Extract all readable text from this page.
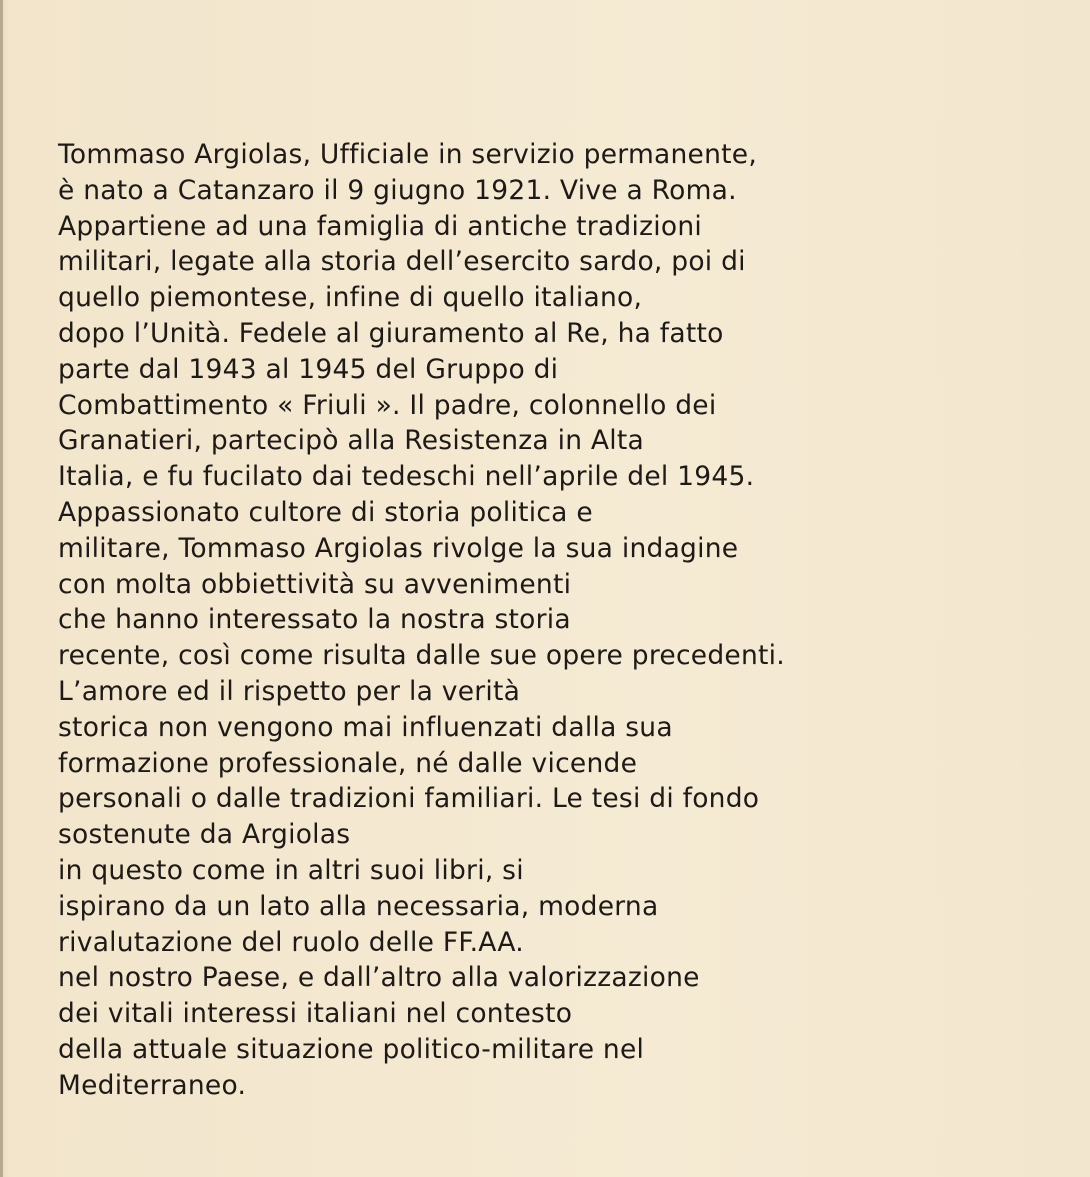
Tommaso Argiolas, Ufficiale in servizio permanente,
è nato a Catanzaro il 9 giugno 1921. Vive a Roma.
Appartiene ad una famiglia di antiche tradizioni
militari, legate alla storia dell’esercito sardo, poi di
quello piemontese, infine di quello italiano,
dopo l’Unità. Fedele al giuramento al Re, ha fatto
parte dal 1943 al 1945 del Gruppo di
Combattimento « Friuli ». Il padre, colonnello dei
Granatieri, partecipò alla Resistenza in Alta
Italia, e fu fucilato dai tedeschi nell’aprile del 1945.
Appassionato cultore di storia politica e
militare, Tommaso Argiolas rivolge la sua indagine
con molta obbiettività su avvenimenti
che hanno interessato la nostra storia
recente, così come risulta dalle sue opere precedenti.
L’amore ed il rispetto per la verità
storica non vengono mai influenzati dalla sua
formazione professionale, né dalle vicende
personali o dalle tradizioni familiari. Le tesi di fondo
sostenute da Argiolas
in questo come in altri suoi libri, si
ispirano da un lato alla necessaria, moderna
rivalutazione del ruolo delle FF.AA.
nel nostro Paese, e dall’altro alla valorizzazione
dei vitali interessi italiani nel contesto
della attuale situazione politico-militare nel
Mediterraneo.
